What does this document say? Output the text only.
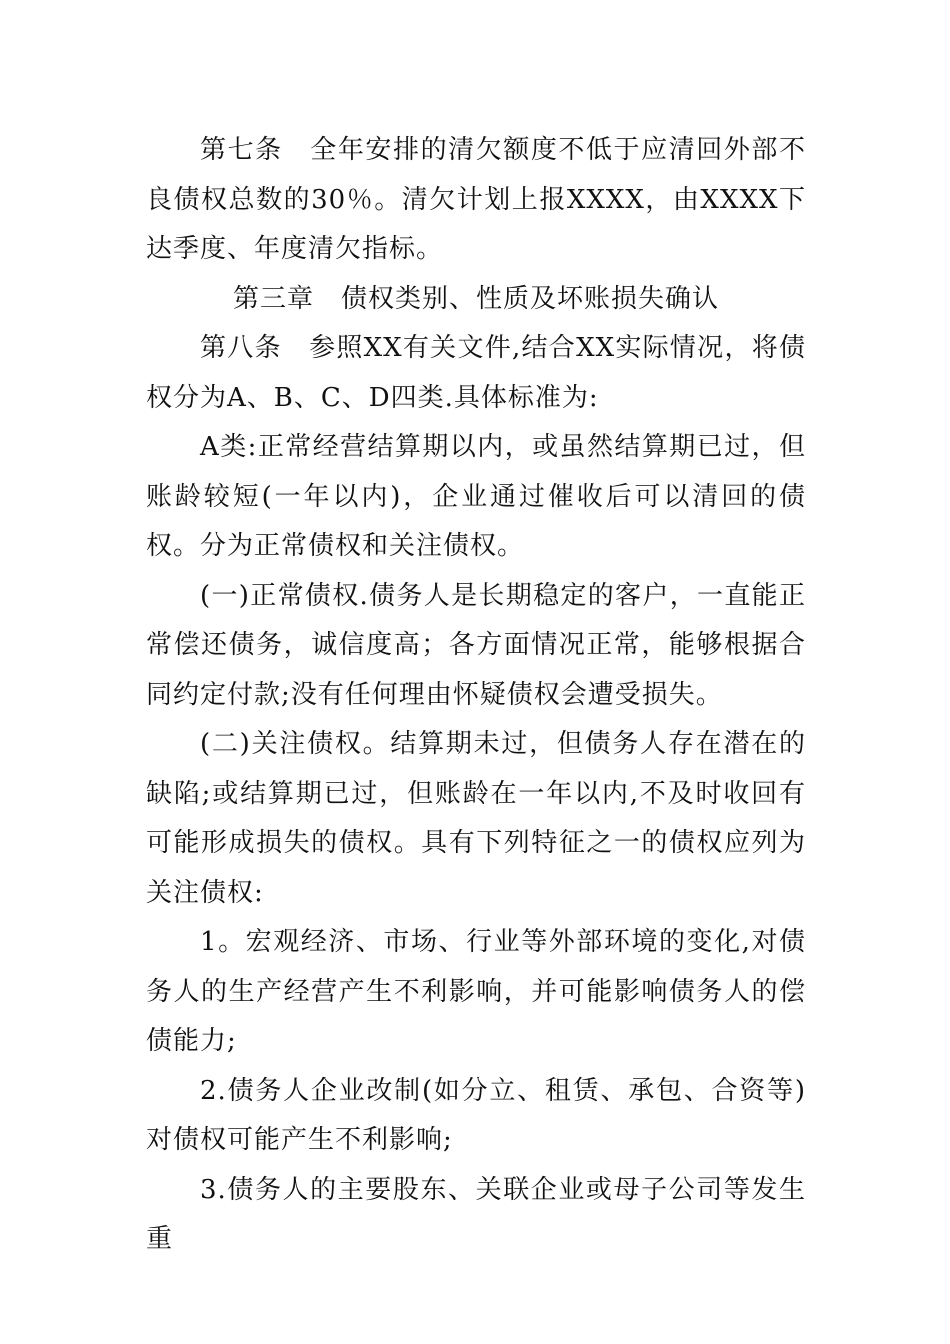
第七条　全年安排的清欠额度不低于应清回外部不良债权总数的30％。清欠计划上报XXXX，由XXXX下达季度、年度清欠指标。

第三章　债权类别、性质及坏账损失确认

第八条　参照XX有关文件,结合XX实际情况，将债权分为A、B、C、D四类.具体标准为:

A类:正常经营结算期以内，或虽然结算期已过，但账龄较短(一年以内)，企业通过催收后可以清回的债权。分为正常债权和关注债权。

(一)正常债权.债务人是长期稳定的客户，一直能正常偿还债务，诚信度高；各方面情况正常，能够根据合同约定付款;没有任何理由怀疑债权会遭受损失。

(二)关注债权。结算期未过，但债务人存在潜在的缺陷;或结算期已过，但账龄在一年以内,不及时收回有可能形成损失的债权。具有下列特征之一的债权应列为关注债权:

1。宏观经济、市场、行业等外部环境的变化,对债务人的生产经营产生不利影响，并可能影响债务人的偿债能力;

2.债务人企业改制(如分立、租赁、承包、合资等)对债权可能产生不利影响;

3.债务人的主要股东、关联企业或母子公司等发生重
